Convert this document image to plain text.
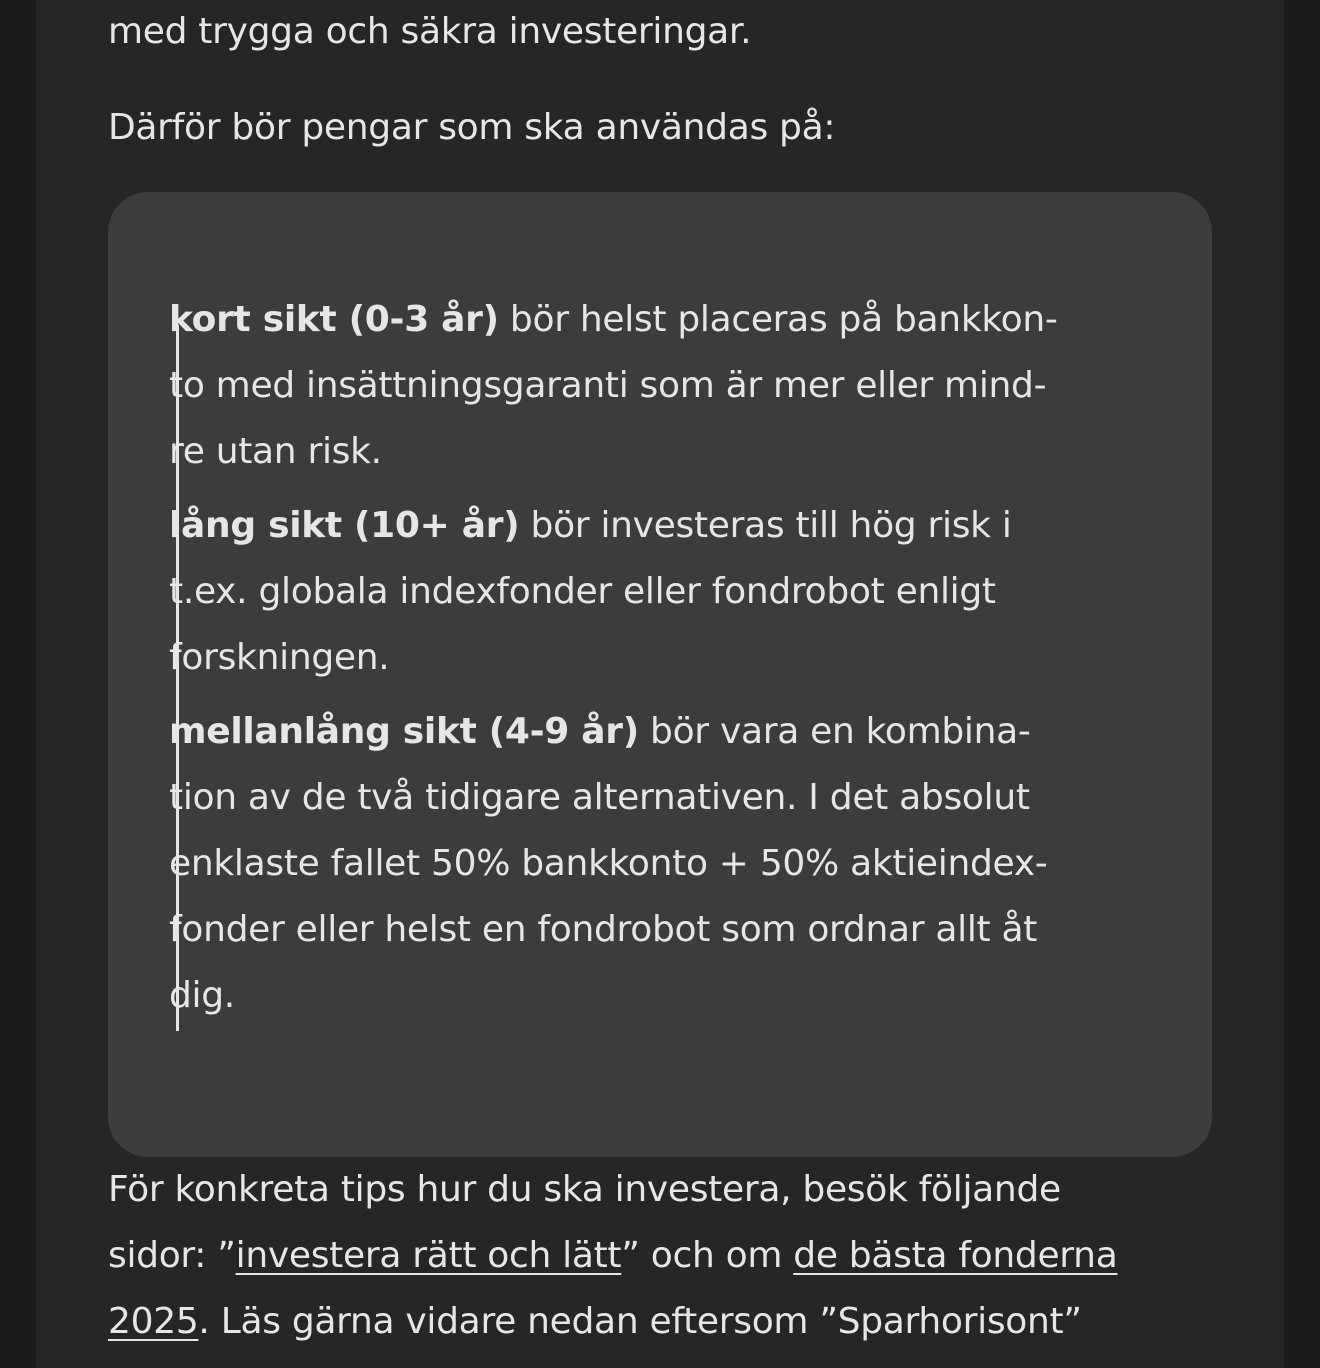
med trygga och säkra investeringar.

Därför bör pengar som ska användas på:

kort sikt (0-3 år) bör helst placeras på bankkon-
to med insättningsgaranti som är mer eller mind-
re utan risk.
lång sikt (10+ år) bör investeras till hög risk i
t.ex. globala indexfonder eller fondrobot enligt
forskningen.
mellanlång sikt (4-9 år) bör vara en kombina-
tion av de två tidigare alternativen. I det absolut
enklaste fallet 50% bankkonto + 50% aktieindex-
fonder eller helst en fondrobot som ordnar allt åt
dig.
För konkreta tips hur du ska investera, besök följande
sidor: ”investera rätt och lätt” och om de bästa fonderna
2025. Läs gärna vidare nedan eftersom ”Sparhorisont”
